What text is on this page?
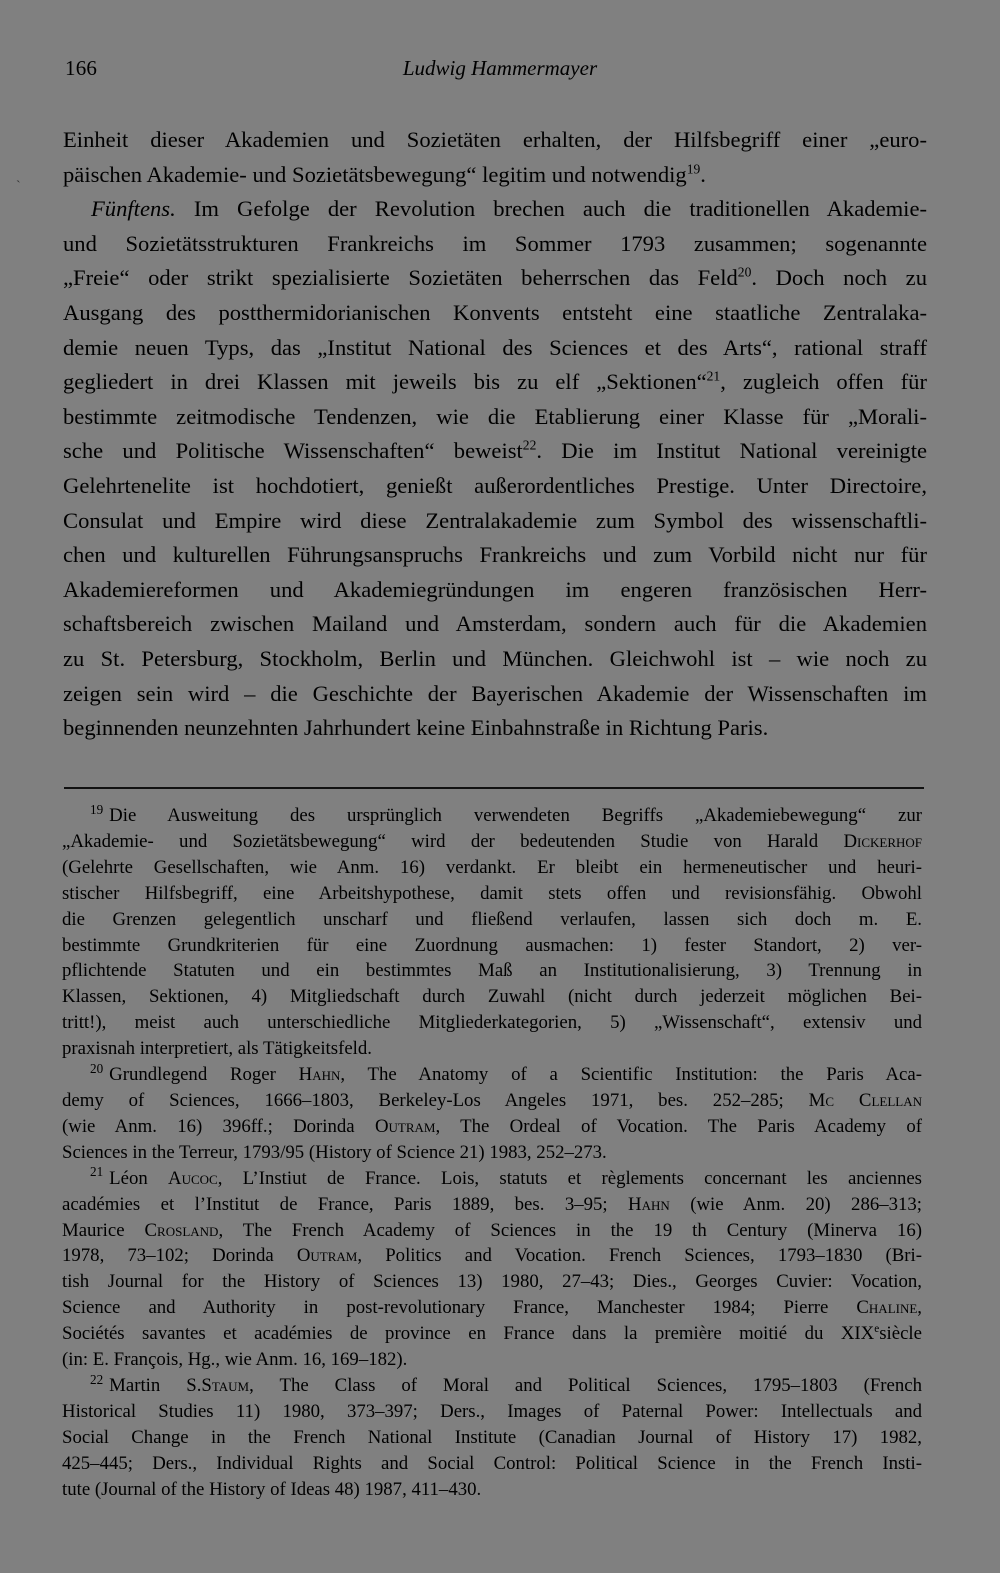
166	Ludwig Hammermayer
`
Einheit dieser Akademien und Sozietäten erhalten, der Hilfsbegriff einer „euro-
päischen Akademie- und Sozietätsbewegung“ legitim und notwendig$^{19}$.
Fünftens. Im Gefolge der Revolution brechen auch die traditionellen Akademie-
und Sozietätsstrukturen Frankreichs im Sommer 1793 zusammen; sogenannte
„Freie“ oder strikt spezialisierte Sozietäten beherrschen das Feld$^{20}$. Doch noch zu
Ausgang des postthermidorianischen Konvents entsteht eine staatliche Zentralaka-
demie neuen Typs, das „Institut National des Sciences et des Arts“, rational straff
gegliedert in drei Klassen mit jeweils bis zu elf „Sektionen“$^{21}$, zugleich offen für
bestimmte zeitmodische Tendenzen, wie die Etablierung einer Klasse für „Morali-
sche und Politische Wissenschaften“ beweist$^{22}$. Die im Institut National vereinigte
Gelehrtenelite ist hochdotiert, genießt außerordentliches Prestige. Unter Directoire,
Consulat und Empire wird diese Zentralakademie zum Symbol des wissenschaftli-
chen und kulturellen Führungsanspruchs Frankreichs und zum Vorbild nicht nur für
Akademiereformen und Akademiegründungen im engeren französischen Herr-
schaftsbereich zwischen Mailand und Amsterdam, sondern auch für die Akademien
zu St. Petersburg, Stockholm, Berlin und München. Gleichwohl ist – wie noch zu
zeigen sein wird – die Geschichte der Bayerischen Akademie der Wissenschaften im
beginnenden neunzehnten Jahrhundert keine Einbahnstraße in Richtung Paris.
$^{19}$ Die Ausweitung des ursprünglich verwendeten Begriffs „Akademiebewegung“ zur
„Akademie- und Sozietätsbewegung“ wird der bedeutenden Studie von Harald Dickerhof
(Gelehrte Gesellschaften, wie Anm. 16) verdankt. Er bleibt ein hermeneutischer und heuri-
stischer Hilfsbegriff, eine Arbeitshypothese, damit stets offen und revisionsfähig. Obwohl
die Grenzen gelegentlich unscharf und fließend verlaufen, lassen sich doch m. E.
bestimmte Grundkriterien für eine Zuordnung ausmachen: 1) fester Standort, 2) ver-
pflichtende Statuten und ein bestimmtes Maß an Institutionalisierung, 3) Trennung in
Klassen, Sektionen, 4) Mitgliedschaft durch Zuwahl (nicht durch jederzeit möglichen Bei-
tritt!), meist auch unterschiedliche Mitgliederkategorien, 5) „Wissenschaft“, extensiv und
praxisnah interpretiert, als Tätigkeitsfeld.
$^{20}$ Grundlegend Roger Hahn, The Anatomy of a Scientific Institution: the Paris Aca-
demy of Sciences, 1666–1803, Berkeley-Los Angeles 1971, bes. 252–285; Mc Clellan
(wie Anm. 16) 396ff.; Dorinda Outram, The Ordeal of Vocation. The Paris Academy of
Sciences in the Terreur, 1793/95 (History of Science 21) 1983, 252–273.
$^{21}$ Léon Aucoc, L’Instiut de France. Lois, statuts et règlements concernant les anciennes
académies et l’Institut de France, Paris 1889, bes. 3–95; Hahn (wie Anm. 20) 286–313;
Maurice Crosland, The French Academy of Sciences in the 19 th Century (Minerva 16)
1978, 73–102; Dorinda Outram, Politics and Vocation. French Sciences, 1793–1830 (Bri-
tish Journal for the History of Sciences 13) 1980, 27–43; Dies., Georges Cuvier: Vocation,
Science and Authority in post-revolutionary France, Manchester 1984; Pierre Chaline,
Sociétés savantes et académies de province en France dans la première moitié du XIXesiècle
(in: E. François, Hg., wie Anm. 16, 169–182).
$^{22}$ Martin S.Staum, The Class of Moral and Political Sciences, 1795–1803 (French
Historical Studies 11) 1980, 373–397; Ders., Images of Paternal Power: Intellectuals and
Social Change in the French National Institute (Canadian Journal of History 17) 1982,
425–445; Ders., Individual Rights and Social Control: Political Science in the French Insti-
tute (Journal of the History of Ideas 48) 1987, 411–430.
